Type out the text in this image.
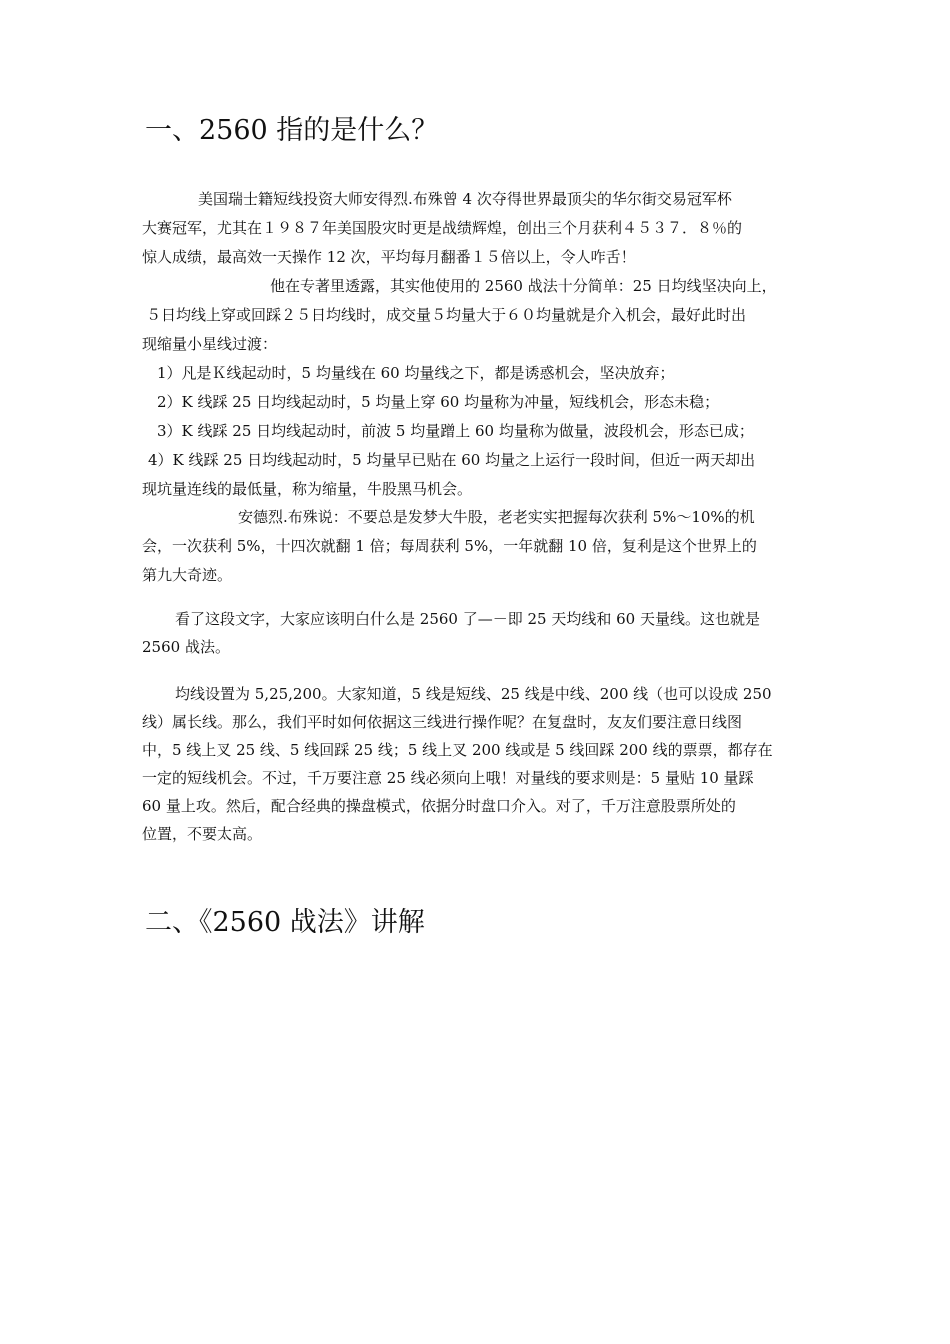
一、2560 指的是什么？

美国瑞士籍短线投资大师安得烈.布殊曾 4 次夺得世界最顶尖的华尔街交易冠军杯

大赛冠军，尤其在１９８７年美国股灾时更是战绩辉煌，创出三个月获利４５３７．８％的

惊人成绩，最高效一天操作 12 次，平均每月翻番１５倍以上，令人咋舌！

他在专著里透露，其实他使用的 2560 战法十分简单：25 日均线坚决向上，

５日均线上穿或回踩２５日均线时，成交量５均量大于６０均量就是介入机会，最好此时出

现缩量小星线过渡：

1）凡是Ｋ线起动时，5 均量线在 60 均量线之下，都是诱惑机会，坚决放弃；

2）K 线踩 25 日均线起动时，5 均量上穿 60 均量称为冲量，短线机会，形态未稳；

3）K 线踩 25 日均线起动时，前波 5 均量蹭上 60 均量称为做量，波段机会，形态已成；

4）K 线踩 25 日均线起动时，5 均量早已贴在 60 均量之上运行一段时间，但近一两天却出

现坑量连线的最低量，称为缩量，牛股黑马机会。

安德烈.布殊说：不要总是发梦大牛股，老老实实把握每次获利 5%～10%的机

会，一次获利 5%，十四次就翻 1 倍；每周获利 5%，一年就翻 10 倍，复利是这个世界上的

第九大奇迹。

看了这段文字，大家应该明白什么是 2560 了—－即 25 天均线和 60 天量线。这也就是

2560 战法。

均线设置为 5,25,200。大家知道，5 线是短线、25 线是中线、200 线（也可以设成 250

线）属长线。那么，我们平时如何依据这三线进行操作呢？在复盘时，友友们要注意日线图

中，5 线上叉 25 线、5 线回踩 25 线；5 线上叉 200 线或是 5 线回踩 200 线的票票，都存在

一定的短线机会。不过，千万要注意 25 线必须向上哦！对量线的要求则是：5 量贴 10 量踩

60 量上攻。然后，配合经典的操盘模式，依据分时盘口介入。对了，千万注意股票所处的

位置，不要太高。

二、《2560 战法》讲解
